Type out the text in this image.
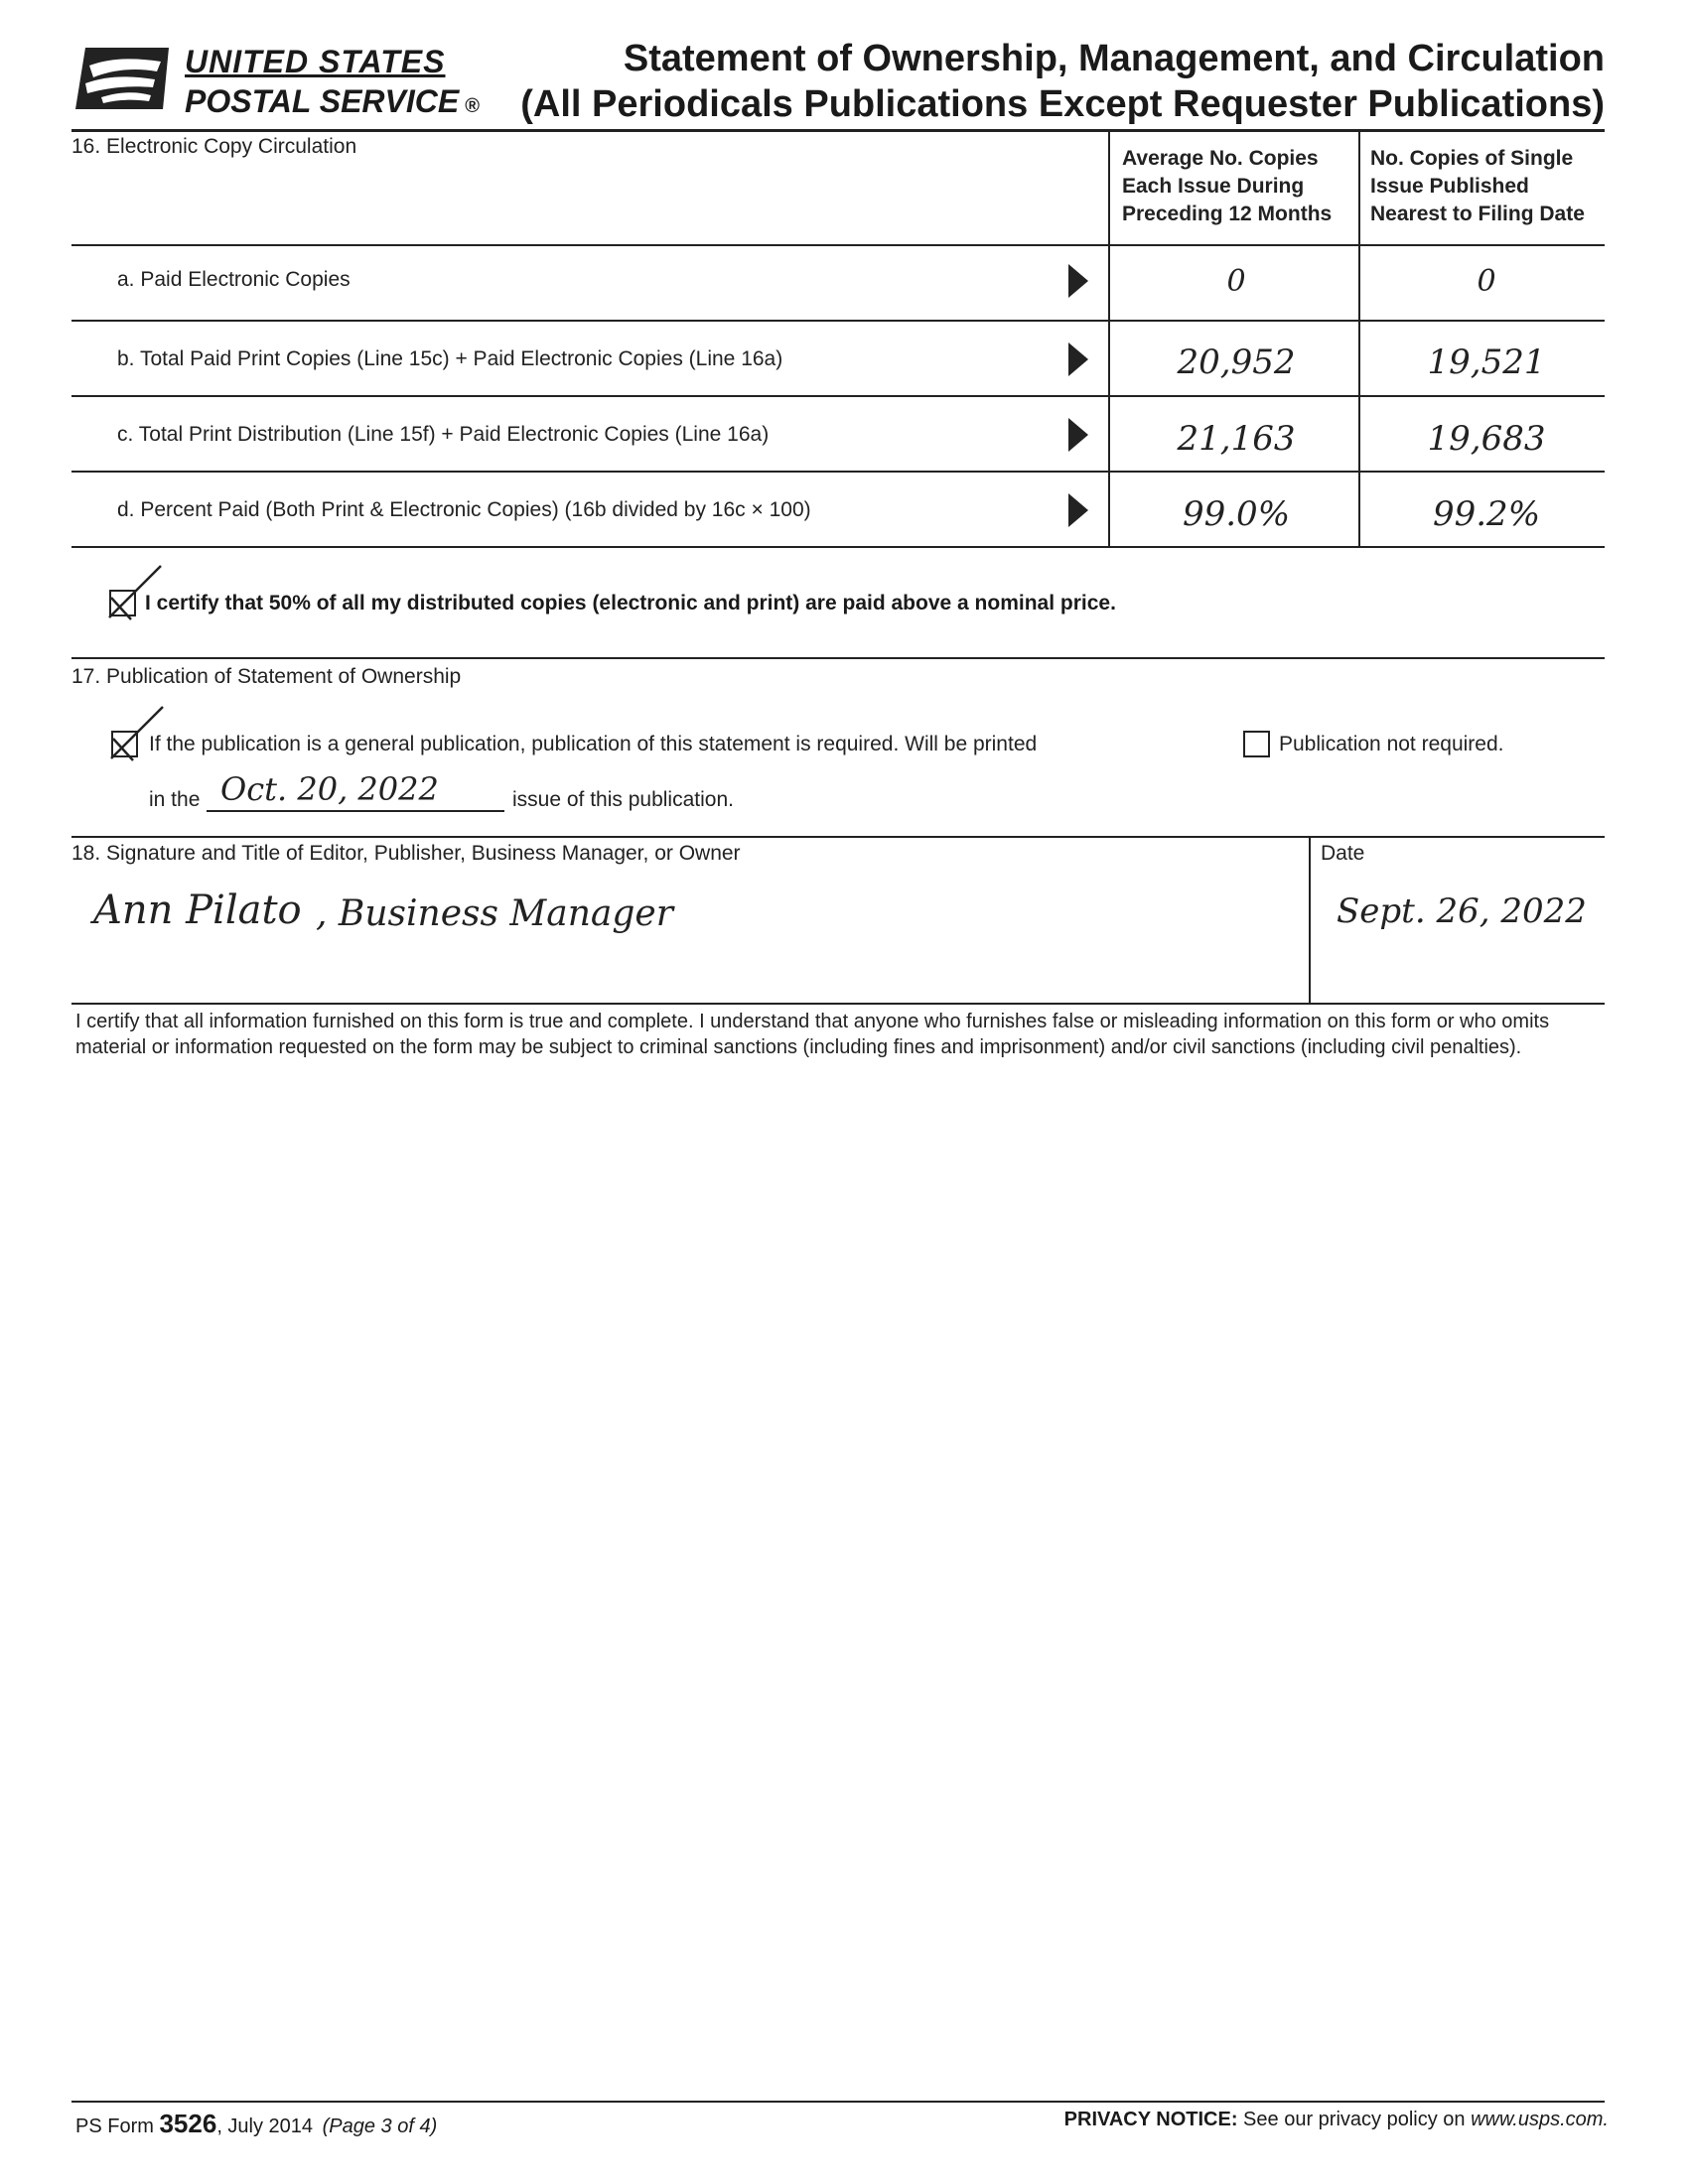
UNITED STATES
POSTAL SERVICE ®
Statement of Ownership, Management, and Circulation
(All Periodicals Publications Except Requester Publications)
16. Electronic Copy Circulation
Average No. Copies
Each Issue During
Preceding 12 Months
No. Copies of Single
Issue Published
Nearest to Filing Date
a. Paid Electronic Copies	0	0
b. Total Paid Print Copies (Line 15c) + Paid Electronic Copies (Line 16a)	20,952	19,521
c. Total Print Distribution (Line 15f) + Paid Electronic Copies (Line 16a)	21,163	19,683
d. Percent Paid (Both Print & Electronic Copies) (16b divided by 16c × 100)	99.0%	99.2%
I certify that 50% of all my distributed copies (electronic and print) are paid above a nominal price.
17. Publication of Statement of Ownership
If the publication is a general publication, publication of this statement is required. Will be printed	Publication not required.
in the Oct. 20, 2022	issue of this publication.
18. Signature and Title of Editor, Publisher, Business Manager, or Owner	Date
Ann Pilato , Business Manager	Sept. 26, 2022
I certify that all information furnished on this form is true and complete. I understand that anyone who furnishes false or misleading information on this form or who omits material or information requested on the form may be subject to criminal sanctions (including fines and imprisonment) and/or civil sanctions (including civil penalties).
PS Form 3526, July 2014 (Page 3 of 4)	PRIVACY NOTICE: See our privacy policy on www.usps.com.
